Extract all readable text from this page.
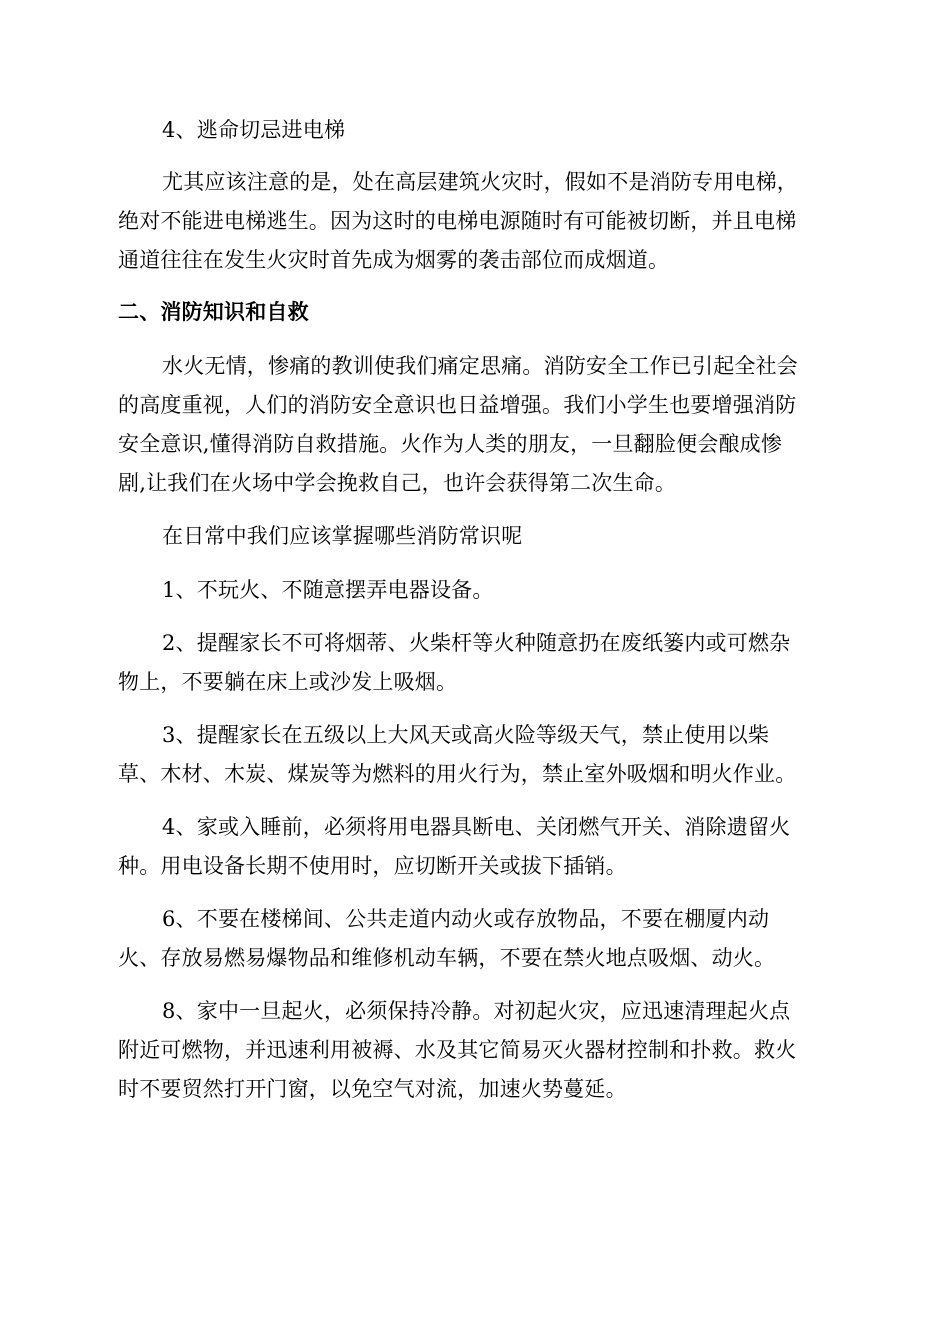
4、逃命切忌进电梯
尤其应该注意的是，处在高层建筑火灾时，假如不是消防专用电梯，
绝对不能进电梯逃生。因为这时的电梯电源随时有可能被切断，并且电梯
通道往往在发生火灾时首先成为烟雾的袭击部位而成烟道。
二、消防知识和自救
水火无情，惨痛的教训使我们痛定思痛。消防安全工作已引起全社会
的高度重视，人们的消防安全意识也日益增强。我们小学生也要增强消防
安全意识,懂得消防自救措施。火作为人类的朋友，一旦翻脸便会酿成惨
剧,让我们在火场中学会挽救自己，也许会获得第二次生命。
在日常中我们应该掌握哪些消防常识呢
1、不玩火、不随意摆弄电器设备。
2、提醒家长不可将烟蒂、火柴杆等火种随意扔在废纸篓内或可燃杂
物上，不要躺在床上或沙发上吸烟。
3、提醒家长在五级以上大风天或高火险等级天气，禁止使用以柴
草、木材、木炭、煤炭等为燃料的用火行为，禁止室外吸烟和明火作业。
4、家或入睡前，必须将用电器具断电、关闭燃气开关、消除遗留火
种。用电设备长期不使用时，应切断开关或拔下插销。
6、不要在楼梯间、公共走道内动火或存放物品，不要在棚厦内动
火、存放易燃易爆物品和维修机动车辆，不要在禁火地点吸烟、动火。
8、家中一旦起火，必须保持冷静。对初起火灾，应迅速清理起火点
附近可燃物，并迅速利用被褥、水及其它简易灭火器材控制和扑救。救火
时不要贸然打开门窗，以免空气对流，加速火势蔓延。
